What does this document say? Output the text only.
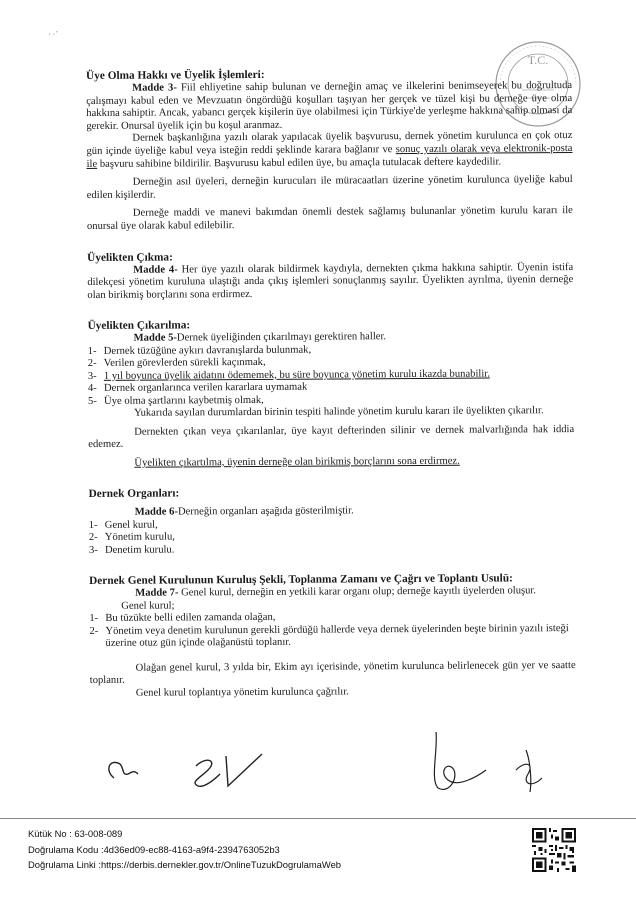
· ·´
T.C.

Üye Olma Hakkı ve Üyelik İşlemleri:

Madde 3- Fiil ehliyetine sahip bulunan ve derneğin amaç ve ilkelerini benimseyerek bu doğrultuda çalışmayı kabul eden ve Mevzuatın öngördüğü koşulları taşıyan her gerçek ve tüzel kişi bu derneğe üye olma hakkına sahiptir. Ancak, yabancı gerçek kişilerin üye olabilmesi için Türkiye'de yerleşme hakkına sahip olması da gerekir. Onursal üyelik için bu koşul aranmaz.

Dernek başkanlığına yazılı olarak yapılacak üyelik başvurusu, dernek yönetim kurulunca en çok otuz gün içinde üyeliğe kabul veya isteğin reddi şeklinde karara bağlanır ve sonuç yazılı olarak veya elektronik-posta ile başvuru sahibine bildirilir. Başvurusu kabul edilen üye, bu amaçla tutulacak deftere kaydedilir.

Derneğin asıl üyeleri, derneğin kurucuları ile müracaatları üzerine yönetim kurulunca üyeliğe kabul edilen kişilerdir.

Derneğe maddi ve manevi bakımdan önemli destek sağlamış bulunanlar yönetim kurulu kararı ile onursal üye olarak kabul edilebilir.

Üyelikten Çıkma:

Madde 4- Her üye yazılı olarak bildirmek kaydıyla, dernekten çıkma hakkına sahiptir. Üyenin istifa dilekçesi yönetim kuruluna ulaştığı anda çıkış işlemleri sonuçlanmış sayılır. Üyelikten ayrılma, üyenin derneğe olan birikmiş borçlarını sona erdirmez.

Üyelikten Çıkarılma:

Madde 5-Dernek üyeliğinden çıkarılmayı gerektiren haller.

1- Dernek tüzüğüne aykırı davranışlarda bulunmak,

2- Verilen görevlerden sürekli kaçınmak,

3- 1 yıl boyunca üyelik aidatını ödememek, bu süre boyunca yönetim kurulu ikazda bunabilir.

4- Dernek organlarınca verilen kararlara uymamak

5- Üye olma şartlarını kaybetmiş olmak,

Yukarıda sayılan durumlardan birinin tespiti halinde yönetim kurulu kararı ile üyelikten çıkarılır.

Dernekten çıkan veya çıkarılanlar, üye kayıt defterinden silinir ve dernek malvarlığında hak iddia edemez.

Üyelikten çıkartılma, üyenin derneğe olan birikmiş borçlarını sona erdirmez.

Dernek Organları:

Madde 6-Derneğin organları aşağıda gösterilmiştir.

1- Genel kurul,

2- Yönetim kurulu,

3- Denetim kurulu.

Dernek Genel Kurulunun Kuruluş Şekli, Toplanma Zamanı ve Çağrı ve Toplantı Usulü:

Madde 7- Genel kurul, derneğin en yetkili karar organı olup; derneğe kayıtlı üyelerden oluşur.

Genel kurul;

1- Bu tüzükte belli edilen zamanda olağan,

2- Yönetim veya denetim kurulunun gerekli gördüğü hallerde veya dernek üyelerinden beşte birinin yazılı isteği üzerine otuz gün içinde olağanüstü toplanır.

Olağan genel kurul, 3 yılda bir, Ekim ayı içerisinde, yönetim kurulunca belirlenecek gün yer ve saatte toplanır.

Genel kurul toplantıya yönetim kurulunca çağrılır.

Kütük No : 63-008-089
Doğrulama Kodu :4d36ed09-ec88-4163-a9f4-2394763052b3
Doğrulama Linki :https://derbis.dernekler.gov.tr/OnlineTuzukDogrulamaWeb
